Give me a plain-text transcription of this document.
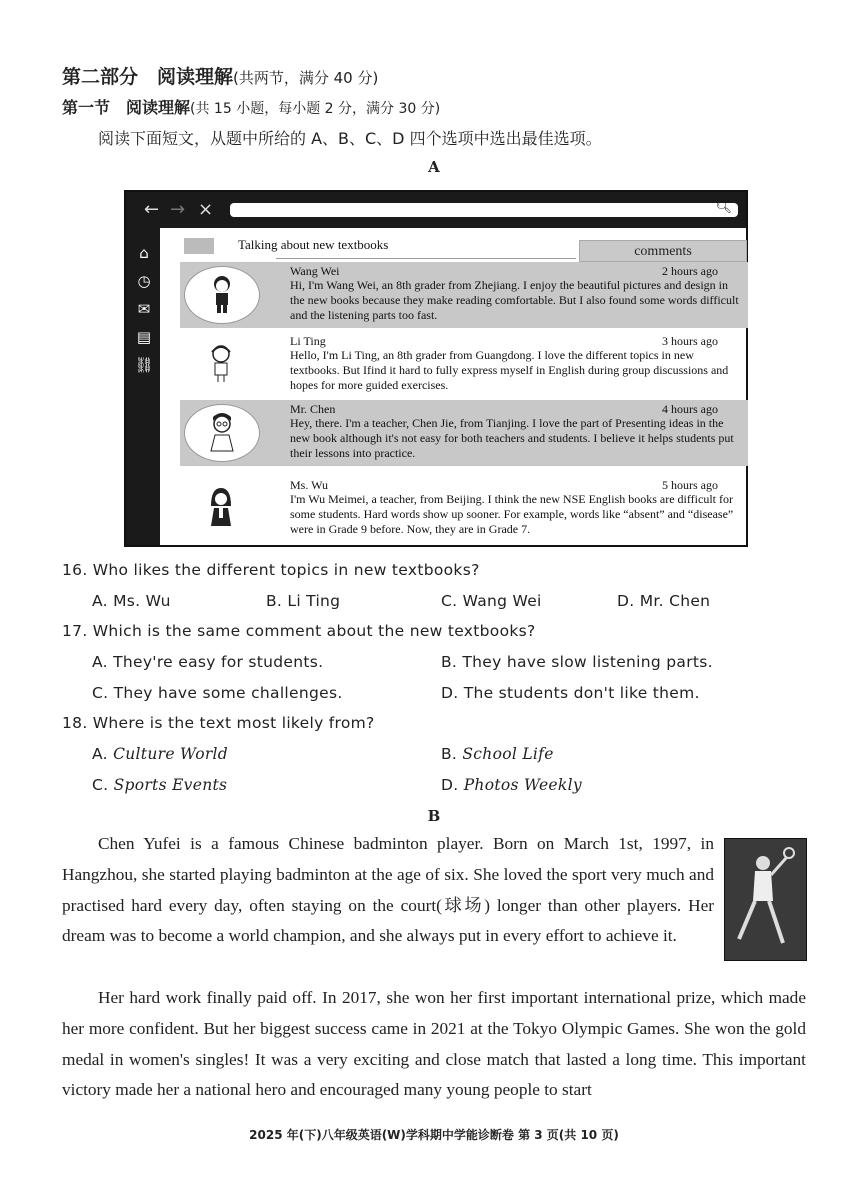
第二部分　阅读理解(共两节，满分 40 分)
第一节　阅读理解(共 15 小题，每小题 2 分，满分 30 分)
阅读下面短文，从题中所给的 A、B、C、D 四个选项中选出最佳选项。
A
← → ×	🔍︎
⌂
◷
✉
▤
⛓
Talking about new textbooks	comments
Wang Wei	2 hours ago
Hi, I'm Wang Wei, an 8th grader from Zhejiang. I enjoy the beautiful pictures and design in the new books because they make reading comfortable. But I also found some words difficult and the listening parts too fast.
Li Ting	3 hours ago
Hello, I'm Li Ting, an 8th grader from Guangdong. I love the different topics in new textbooks. But Ifind it hard to fully express myself in English during group discussions and hopes for more guided exercises.
Mr. Chen	4 hours ago
Hey, there. I'm a teacher, Chen Jie, from Tianjing. I love the part of Presenting ideas in the new book although it's not easy for both teachers and students. I believe it helps students put their lessons into practice.
Ms. Wu	5 hours ago
I'm Wu Meimei, a teacher, from Beijing. I think the new NSE English books are difficult for some students. Hard words show up sooner. For example, words like “absent” and “disease” were in Grade 9 before. Now, they are in Grade 7.
16. Who likes the different topics in new textbooks?
A. Ms. Wu	B. Li Ting	C. Wang Wei	D. Mr. Chen
17. Which is the same comment about the new textbooks?
A. They're easy for students.	B. They have slow listening parts.
C. They have some challenges.	D. The students don't like them.
18. Where is the text most likely from?
A. Culture World	B. School Life
C. Sports Events	D. Photos Weekly
B
Chen Yufei is a famous Chinese badminton player. Born on March 1st, 1997, in Hangzhou, she started playing badminton at the age of six. She loved the sport very much and practised hard every day, often staying on the court(球场) longer than other players. Her dream was to become a world champion, and she always put in every effort to achieve it.
Her hard work finally paid off. In 2017, she won her first important international prize, which made her more confident. But her biggest success came in 2021 at the Tokyo Olympic Games. She won the gold medal in women's singles! It was a very exciting and close match that lasted a long time. This important victory made her a national hero and encouraged many young people to start
2025 年(下)八年级英语(W)学科期中学能诊断卷 第 3 页(共 10 页)
